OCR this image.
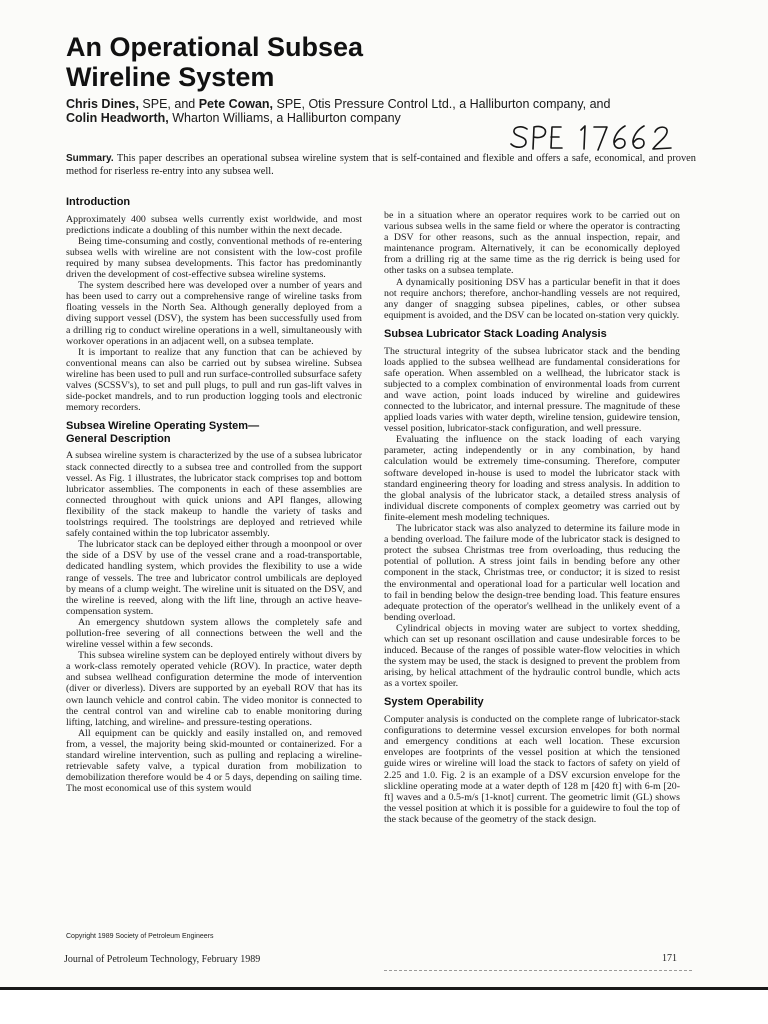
An Operational Subsea
Wireline System

Chris Dines, SPE, and Pete Cowan, SPE, Otis Pressure Control Ltd., a Halliburton company, and
Colin Headworth, Wharton Williams, a Halliburton company	SPE 17662

Summary. This paper describes an operational subsea wireline system that is self-contained and flexible and offers a safe, economical, and proven method for riserless re-entry into any subsea well.

Introduction

Approximately 400 subsea wells currently exist worldwide, and most predictions indicate a doubling of this number within the next decade.

Being time-consuming and costly, conventional methods of re-entering subsea wells with wireline are not consistent with the low-cost profile required by many subsea developments. This factor has predominantly driven the development of cost-effective subsea wireline systems.

The system described here was developed over a number of years and has been used to carry out a comprehensive range of wireline tasks from floating vessels in the North Sea. Although generally deployed from a diving support vessel (DSV), the system has been successfully used from a drilling rig to conduct wireline operations in a well, simultaneously with workover operations in an adjacent well, on a subsea template.

It is important to realize that any function that can be achieved by conventional means can also be carried out by subsea wireline. Subsea wireline has been used to pull and run surface-controlled subsurface safety valves (SCSSV's), to set and pull plugs, to pull and run gas-lift valves in side-pocket mandrels, and to run production logging tools and electronic memory recorders.

Subsea Wireline Operating System—
General Description

A subsea wireline system is characterized by the use of a subsea lubricator stack connected directly to a subsea tree and controlled from the support vessel. As Fig. 1 illustrates, the lubricator stack comprises top and bottom lubricator assemblies. The components in each of these assemblies are connected throughout with quick unions and API flanges, allowing flexibility of the stack makeup to handle the variety of tasks and toolstrings required. The toolstrings are deployed and retrieved while safely contained within the top lubricator assembly.

The lubricator stack can be deployed either through a moonpool or over the side of a DSV by use of the vessel crane and a road-transportable, dedicated handling system, which provides the flexibility to use a wide range of vessels. The tree and lubricator control umbilicals are deployed by means of a clump weight. The wireline unit is situated on the DSV, and the wireline is reeved, along with the lift line, through an active heave-compensation system.

An emergency shutdown system allows the completely safe and pollution-free severing of all connections between the well and the wireline vessel within a few seconds.

This subsea wireline system can be deployed entirely without divers by a work-class remotely operated vehicle (ROV). In practice, water depth and subsea wellhead configuration determine the mode of intervention (diver or diverless). Divers are supported by an eyeball ROV that has its own launch vehicle and control cabin. The video monitor is connected to the central control van and wireline cab to enable monitoring during lifting, latching, and wireline- and pressure-testing operations.

All equipment can be quickly and easily installed on, and removed from, a vessel, the majority being skid-mounted or containerized. For a standard wireline intervention, such as pulling and replacing a wireline-retrievable safety valve, a typical duration from mobilization to demobilization therefore would be 4 or 5 days, depending on sailing time. The most economical use of this system would

be in a situation where an operator requires work to be carried out on various subsea wells in the same field or where the operator is contracting a DSV for other reasons, such as the annual inspection, repair, and maintenance program. Alternatively, it can be economically deployed from a drilling rig at the same time as the rig derrick is being used for other tasks on a subsea template.

A dynamically positioning DSV has a particular benefit in that it does not require anchors; therefore, anchor-handling vessels are not required, any danger of snagging subsea pipelines, cables, or other subsea equipment is avoided, and the DSV can be located on-station very quickly.

Subsea Lubricator Stack Loading Analysis

The structural integrity of the subsea lubricator stack and the bending loads applied to the subsea wellhead are fundamental considerations for safe operation. When assembled on a wellhead, the lubricator stack is subjected to a complex combination of environmental loads from current and wave action, point loads induced by wireline and guidewires connected to the lubricator, and internal pressure. The magnitude of these applied loads varies with water depth, wireline tension, guidewire tension, vessel position, lubricator-stack configuration, and well pressure.

Evaluating the influence on the stack loading of each varying parameter, acting independently or in any combination, by hand calculation would be extremely time-consuming. Therefore, computer software developed in-house is used to model the lubricator stack with standard engineering theory for loading and stress analysis. In addition to the global analysis of the lubricator stack, a detailed stress analysis of individual discrete components of complex geometry was carried out by finite-element mesh modeling techniques.

The lubricator stack was also analyzed to determine its failure mode in a bending overload. The failure mode of the lubricator stack is designed to protect the subsea Christmas tree from overloading, thus reducing the potential of pollution. A stress joint fails in bending before any other component in the stack, Christmas tree, or conductor; it is sized to resist the environmental and operational load for a particular well location and to fail in bending below the design-tree bending load. This feature ensures adequate protection of the operator's wellhead in the unlikely event of a bending overload.

Cylindrical objects in moving water are subject to vortex shedding, which can set up resonant oscillation and cause undesirable forces to be induced. Because of the ranges of possible water-flow velocities in which the system may be used, the stack is designed to prevent the problem from arising, by helical attachment of the hydraulic control bundle, which acts as a vortex spoiler.

System Operability

Computer analysis is conducted on the complete range of lubricator-stack configurations to determine vessel excursion envelopes for both normal and emergency conditions at each well location. These excursion envelopes are footprints of the vessel position at which the tensioned guide wires or wireline will load the stack to factors of safety on yield of 2.25 and 1.0. Fig. 2 is an example of a DSV excursion envelope for the slickline operating mode at a water depth of 128 m [420 ft] with 6-m [20-ft] waves and a 0.5-m/s [1-knot] current. The geometric limit (GL) shows the vessel position at which it is possible for a guidewire to foul the top of the stack because of the geometry of the stack design.

Copyright 1989 Society of Petroleum Engineers

Journal of Petroleum Technology, February 1989	171
